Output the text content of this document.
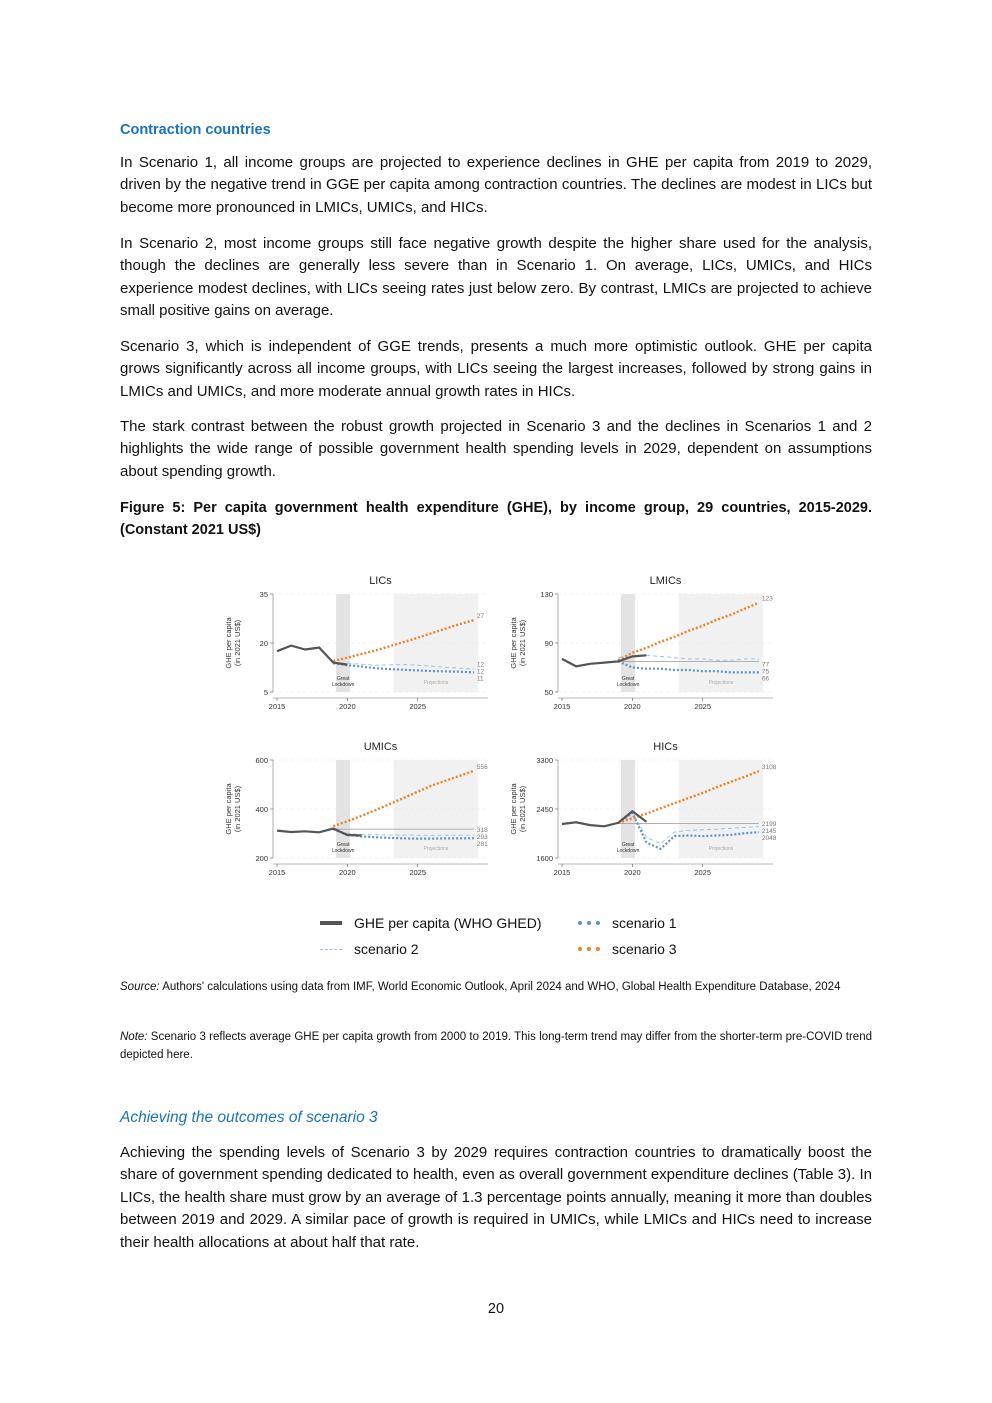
Contraction countries
In Scenario 1, all income groups are projected to experience declines in GHE per capita from 2019 to 2029, driven by the negative trend in GGE per capita among contraction countries. The declines are modest in LICs but become more pronounced in LMICs, UMICs, and HICs.
In Scenario 2, most income groups still face negative growth despite the higher share used for the analysis, though the declines are generally less severe than in Scenario 1. On average, LICs, UMICs, and HICs experience modest declines, with LICs seeing rates just below zero. By contrast, LMICs are projected to achieve small positive gains on average.
Scenario 3, which is independent of GGE trends, presents a much more optimistic outlook. GHE per capita grows significantly across all income groups, with LICs seeing the largest increases, followed by strong gains in LMICs and UMICs, and more moderate annual growth rates in HICs.
The stark contrast between the robust growth projected in Scenario 3 and the declines in Scenarios 1 and 2 highlights the wide range of possible government health spending levels in 2029, dependent on assumptions about spending growth.
Figure 5: Per capita government health expenditure (GHE), by income group, 29 countries, 2015-2029. (Constant 2021 US$)
LICs
35
20
5
2015	2020	2025
GHE per capita(in 2021 US$)
Great
Lockdown	Projections
27
12
12
11
LMICs
130
90
50
2015	2020	2025
GHE per capita(in 2021 US$)
Great
Lockdown	Projections
123
77
75
66
UMICs
600
400
200
2015	2020	2025
GHE per capita(in 2021 US$)
Great
Lockdown	Projections
556
318
293
281
HICs
3300
2450
1600
2015	2020	2025
GHE per capita(in 2021 US$)
Great
Lockdown	Projections
3108
2199
2145
2048
GHE per capita (WHO GHED)	scenario 1
scenario 2	scenario 3
Source: Authors' calculations using data from IMF, World Economic Outlook, April 2024 and WHO, Global Health Expenditure Database, 2024
Note: Scenario 3 reflects average GHE per capita growth from 2000 to 2019. This long-term trend may differ from the shorter-term pre-COVID trend depicted here.
Achieving the outcomes of scenario 3
Achieving the spending levels of Scenario 3 by 2029 requires contraction countries to dramatically boost the share of government spending dedicated to health, even as overall government expenditure declines (Table 3). In LICs, the health share must grow by an average of 1.3 percentage points annually, meaning it more than doubles between 2019 and 2029. A similar pace of growth is required in UMICs, while LMICs and HICs need to increase their health allocations at about half that rate.
20
